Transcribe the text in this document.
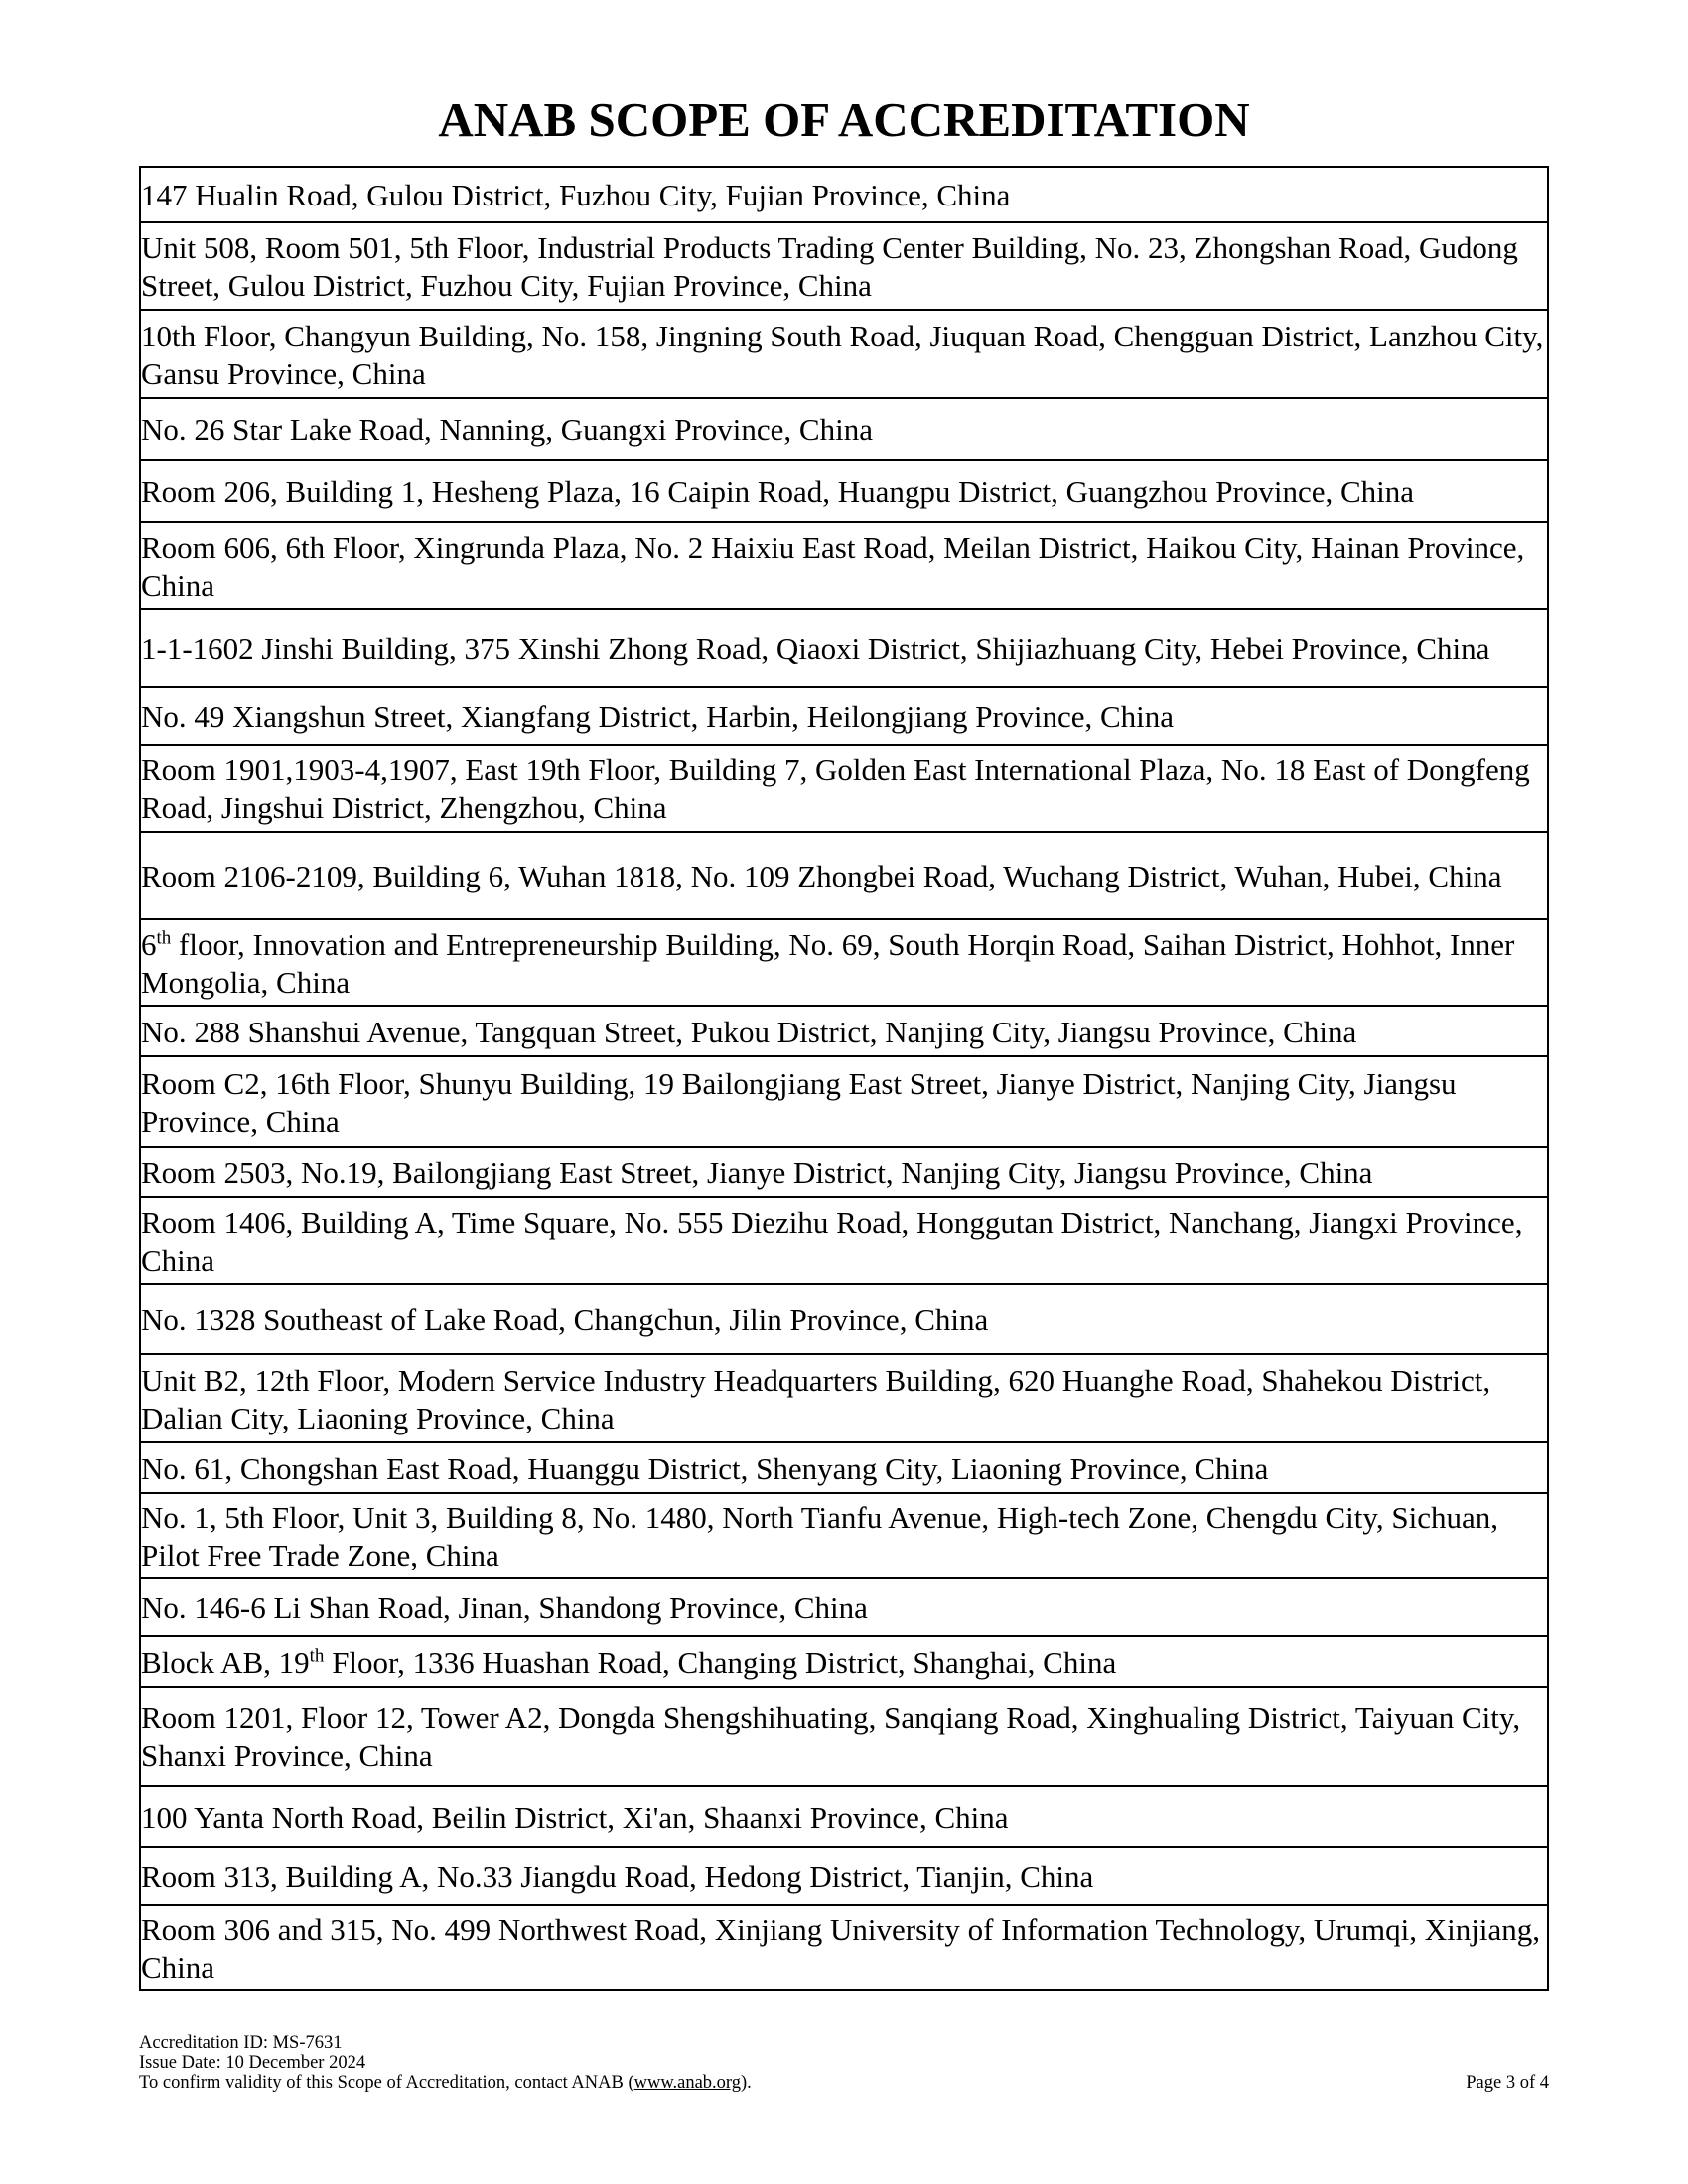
ANAB SCOPE OF ACCREDITATION
147 Hualin Road, Gulou District, Fuzhou City, Fujian Province, China
Unit 508, Room 501, 5th Floor, Industrial Products Trading Center Building, No. 23, Zhongshan Road, Gudong Street, Gulou District, Fuzhou City, Fujian Province, China
10th Floor, Changyun Building, No. 158, Jingning South Road, Jiuquan Road, Chengguan District, Lanzhou City, Gansu Province, China
No. 26 Star Lake Road, Nanning, Guangxi Province, China
Room 206, Building 1, Hesheng Plaza, 16 Caipin Road, Huangpu District, Guangzhou Province, China
Room 606, 6th Floor, Xingrunda Plaza, No. 2 Haixiu East Road, Meilan District, Haikou City, Hainan Province, China
1-1-1602 Jinshi Building, 375 Xinshi Zhong Road, Qiaoxi District, Shijiazhuang City, Hebei Province, China
No. 49 Xiangshun Street, Xiangfang District, Harbin, Heilongjiang Province, China
Room 1901,1903-4,1907, East 19th Floor, Building 7, Golden East International Plaza, No. 18 East of Dongfeng Road, Jingshui District, Zhengzhou, China
Room 2106-2109, Building 6, Wuhan 1818, No. 109 Zhongbei Road, Wuchang District, Wuhan, Hubei, China
6th floor, Innovation and Entrepreneurship Building, No. 69, South Horqin Road, Saihan District, Hohhot, Inner Mongolia, China
No. 288 Shanshui Avenue, Tangquan Street, Pukou District, Nanjing City, Jiangsu Province, China
Room C2, 16th Floor, Shunyu Building, 19 Bailongjiang East Street, Jianye District, Nanjing City, Jiangsu Province, China
Room 2503, No.19, Bailongjiang East Street, Jianye District, Nanjing City, Jiangsu Province, China
Room 1406, Building A, Time Square, No. 555 Diezihu Road, Honggutan District, Nanchang, Jiangxi Province, China
No. 1328 Southeast of Lake Road, Changchun, Jilin Province, China
Unit B2, 12th Floor, Modern Service Industry Headquarters Building, 620 Huanghe Road, Shahekou District, Dalian City, Liaoning Province, China
No. 61, Chongshan East Road, Huanggu District, Shenyang City, Liaoning Province, China
No. 1, 5th Floor, Unit 3, Building 8, No. 1480, North Tianfu Avenue, High-tech Zone, Chengdu City, Sichuan, Pilot Free Trade Zone, China
No. 146-6 Li Shan Road, Jinan, Shandong Province, China
Block AB, 19th Floor, 1336 Huashan Road, Changing District, Shanghai, China
Room 1201, Floor 12, Tower A2, Dongda Shengshihuating, Sanqiang Road, Xinghualing District, Taiyuan City, Shanxi Province, China
100 Yanta North Road, Beilin District, Xi'an, Shaanxi Province, China
Room 313, Building A, No.33 Jiangdu Road, Hedong District, Tianjin, China
Room 306 and 315, No. 499 Northwest Road, Xinjiang University of Information Technology, Urumqi, Xinjiang, China
Accreditation ID: MS-7631
Issue Date: 10 December 2024
To confirm validity of this Scope of Accreditation, contact ANAB (www.anab.org).	Page 3 of 4
